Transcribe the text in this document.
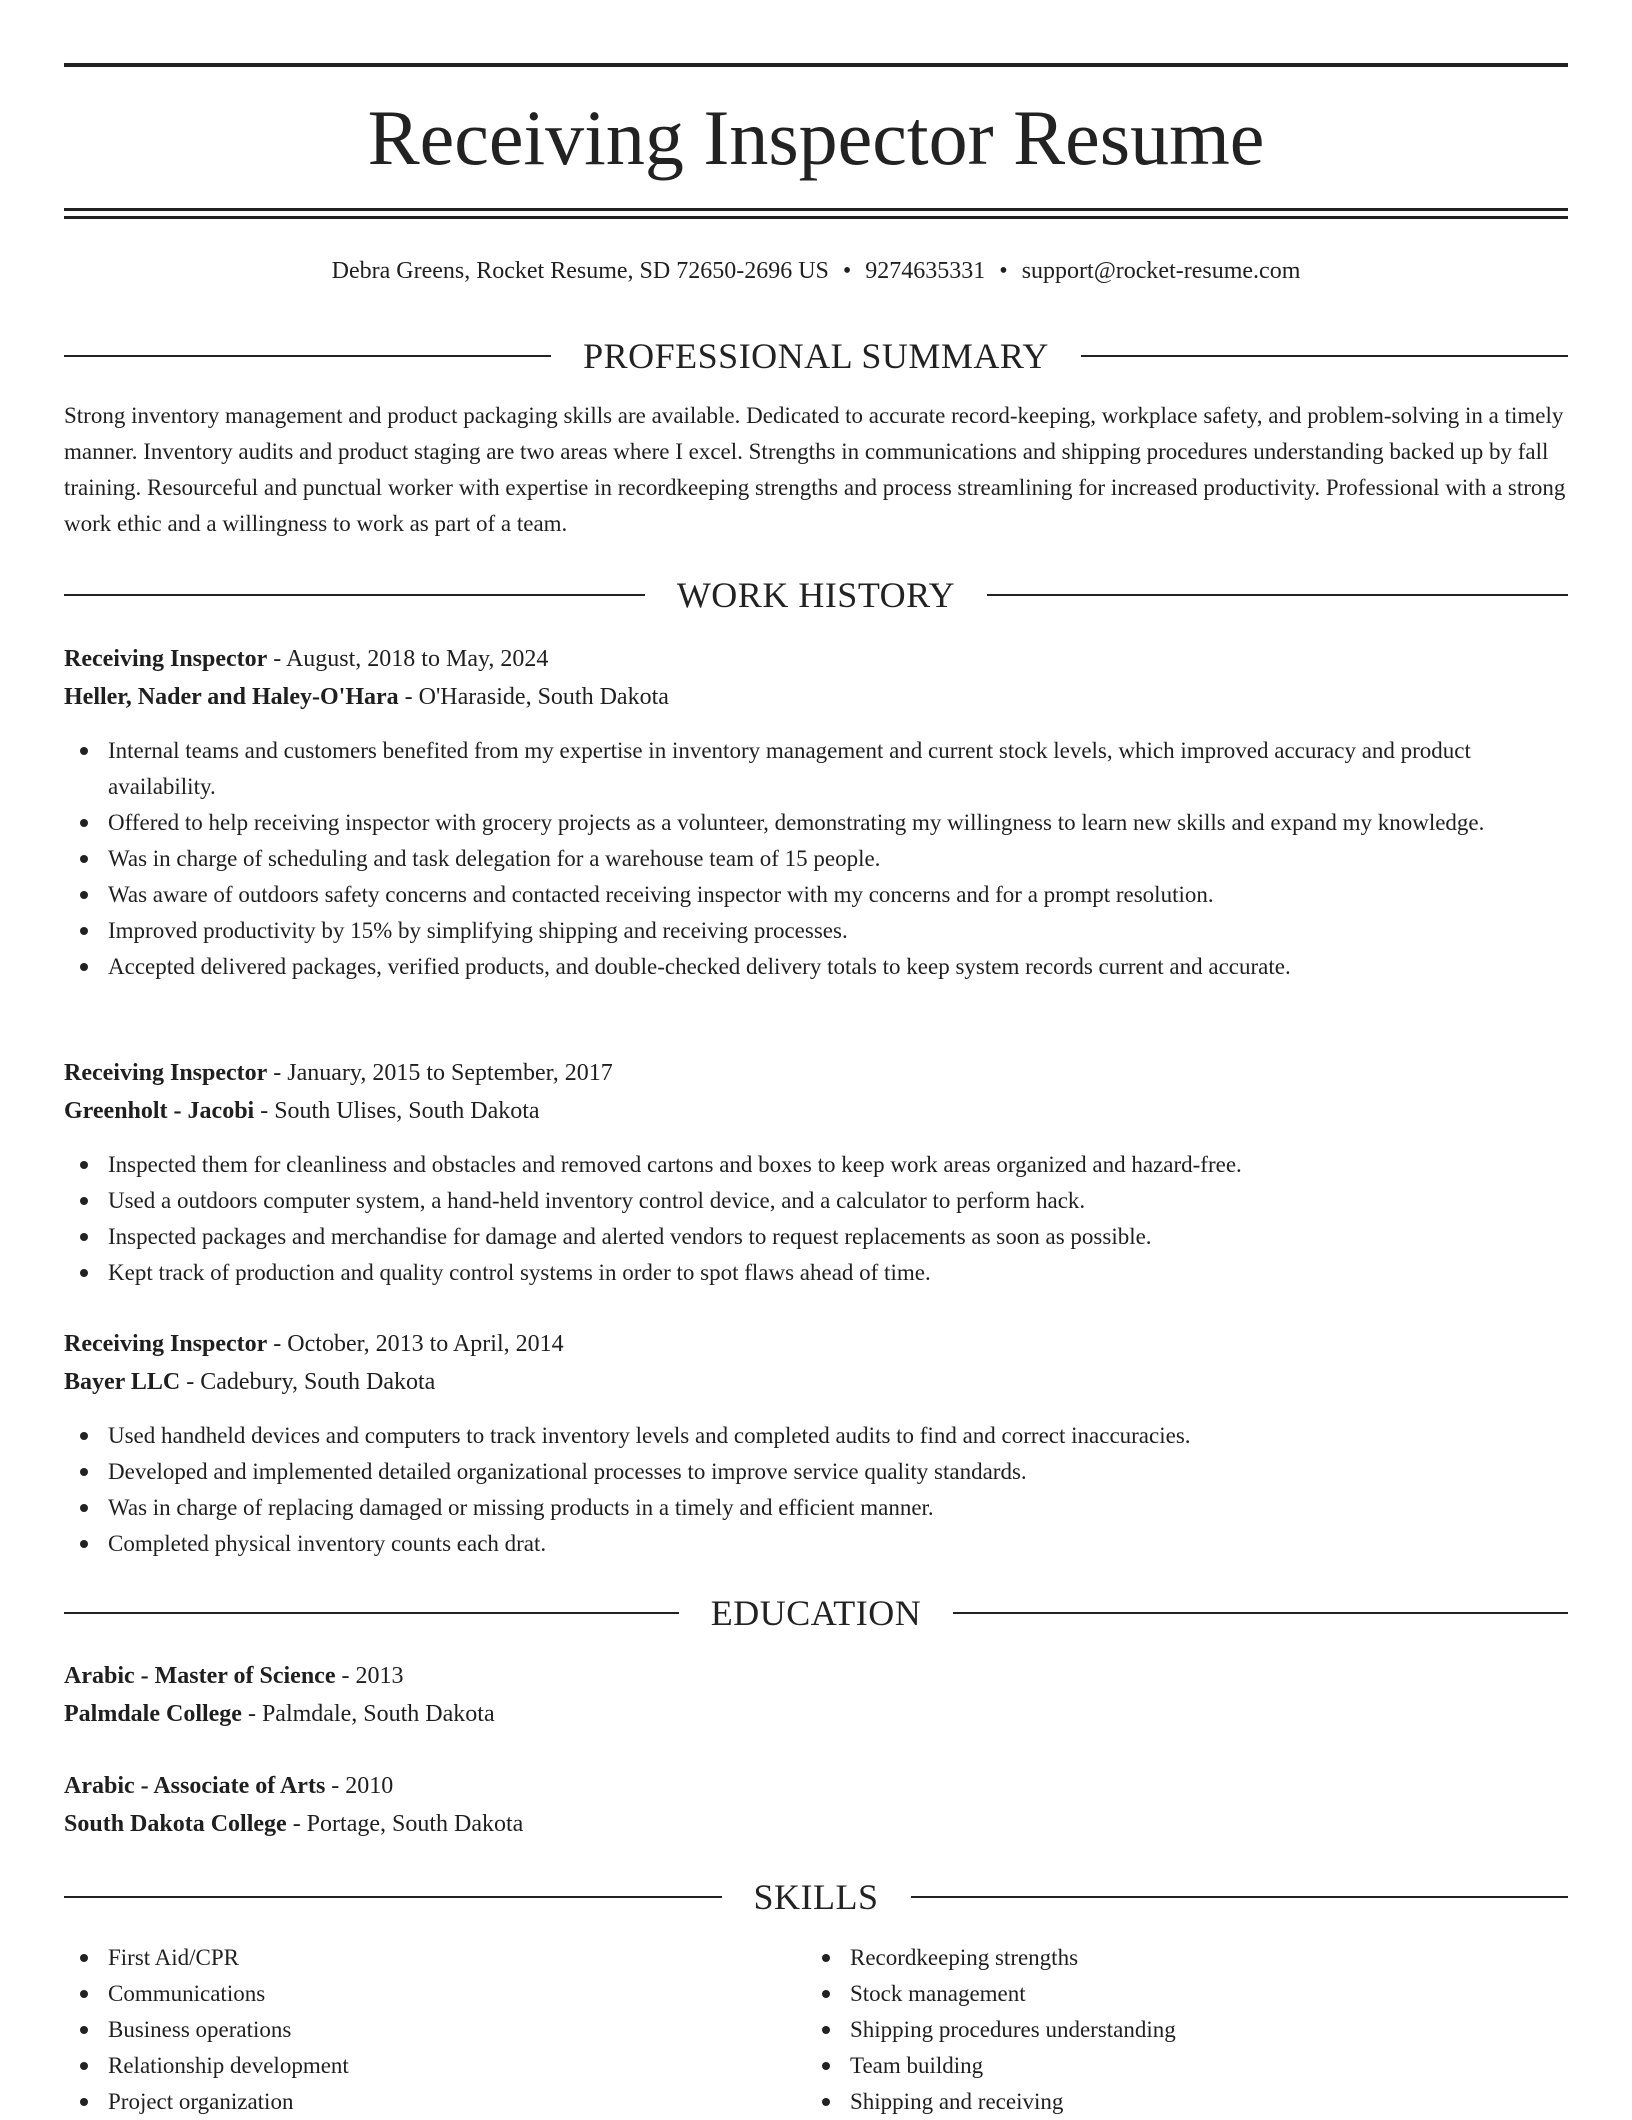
Receiving Inspector Resume
Debra Greens, Rocket Resume, SD 72650-2696 US • 9274635331 • support@rocket-resume.com
PROFESSIONAL SUMMARY

Strong inventory management and product packaging skills are available. Dedicated to accurate record-keeping, workplace safety, and problem-solving in a timely manner. Inventory audits and product staging are two areas where I excel. Strengths in communications and shipping procedures understanding backed up by fall training. Resourceful and punctual worker with expertise in recordkeeping strengths and process streamlining for increased productivity. Professional with a strong work ethic and a willingness to work as part of a team.

WORK HISTORY
Receiving Inspector - August, 2018 to May, 2024
Heller, Nader and Haley-O'Hara - O'Haraside, South Dakota
Internal teams and customers benefited from my expertise in inventory management and current stock levels, which improved accuracy and product availability.
Offered to help receiving inspector with grocery projects as a volunteer, demonstrating my willingness to learn new skills and expand my knowledge.
Was in charge of scheduling and task delegation for a warehouse team of 15 people.
Was aware of outdoors safety concerns and contacted receiving inspector with my concerns and for a prompt resolution.
Improved productivity by 15% by simplifying shipping and receiving processes.
Accepted delivered packages, verified products, and double-checked delivery totals to keep system records current and accurate.
Receiving Inspector - January, 2015 to September, 2017
Greenholt - Jacobi - South Ulises, South Dakota
Inspected them for cleanliness and obstacles and removed cartons and boxes to keep work areas organized and hazard-free.
Used a outdoors computer system, a hand-held inventory control device, and a calculator to perform hack.
Inspected packages and merchandise for damage and alerted vendors to request replacements as soon as possible.
Kept track of production and quality control systems in order to spot flaws ahead of time.
Receiving Inspector - October, 2013 to April, 2014
Bayer LLC - Cadebury, South Dakota
Used handheld devices and computers to track inventory levels and completed audits to find and correct inaccuracies.
Developed and implemented detailed organizational processes to improve service quality standards.
Was in charge of replacing damaged or missing products in a timely and efficient manner.
Completed physical inventory counts each drat.
EDUCATION
Arabic - Master of Science - 2013
Palmdale College - Palmdale, South Dakota
Arabic - Associate of Arts - 2010
South Dakota College - Portage, South Dakota
SKILLS
First Aid/CPR
Communications
Business operations
Relationship development
Project organization
Recordkeeping strengths
Stock management
Shipping procedures understanding
Team building
Shipping and receiving
